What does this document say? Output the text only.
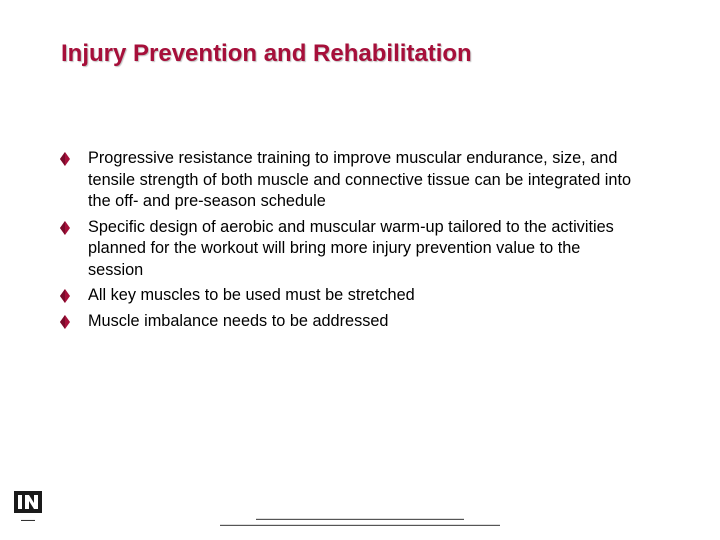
Injury Prevention and Rehabilitation
Progressive resistance training to improve muscular endurance, size, and tensile strength of both muscle and connective tissue can be integrated into the off- and pre-season schedule
Specific design of aerobic and muscular warm-up tailored to the activities planned for the workout will bring more injury prevention value to the session
All key muscles to be used must be stretched
Muscle imbalance needs to be addressed
▬▬▬▬	▬▬▬▬▬▬▬▬▬▬▬▬▬▬▬▬▬▬▬▬▬▬▬▬▬▬▬▬▬▬▬▬▬▬▬▬▬▬▬▬▬▬▬▬▬▬▬▬▬▬▬▬
▬▬▬▬▬▬▬▬▬▬▬▬▬▬▬▬▬▬▬▬▬▬▬▬▬▬▬▬▬▬▬▬▬▬▬▬▬▬▬▬▬▬▬▬▬▬▬▬▬▬▬▬▬▬▬▬▬▬▬▬▬▬▬▬▬▬▬▬▬▬
